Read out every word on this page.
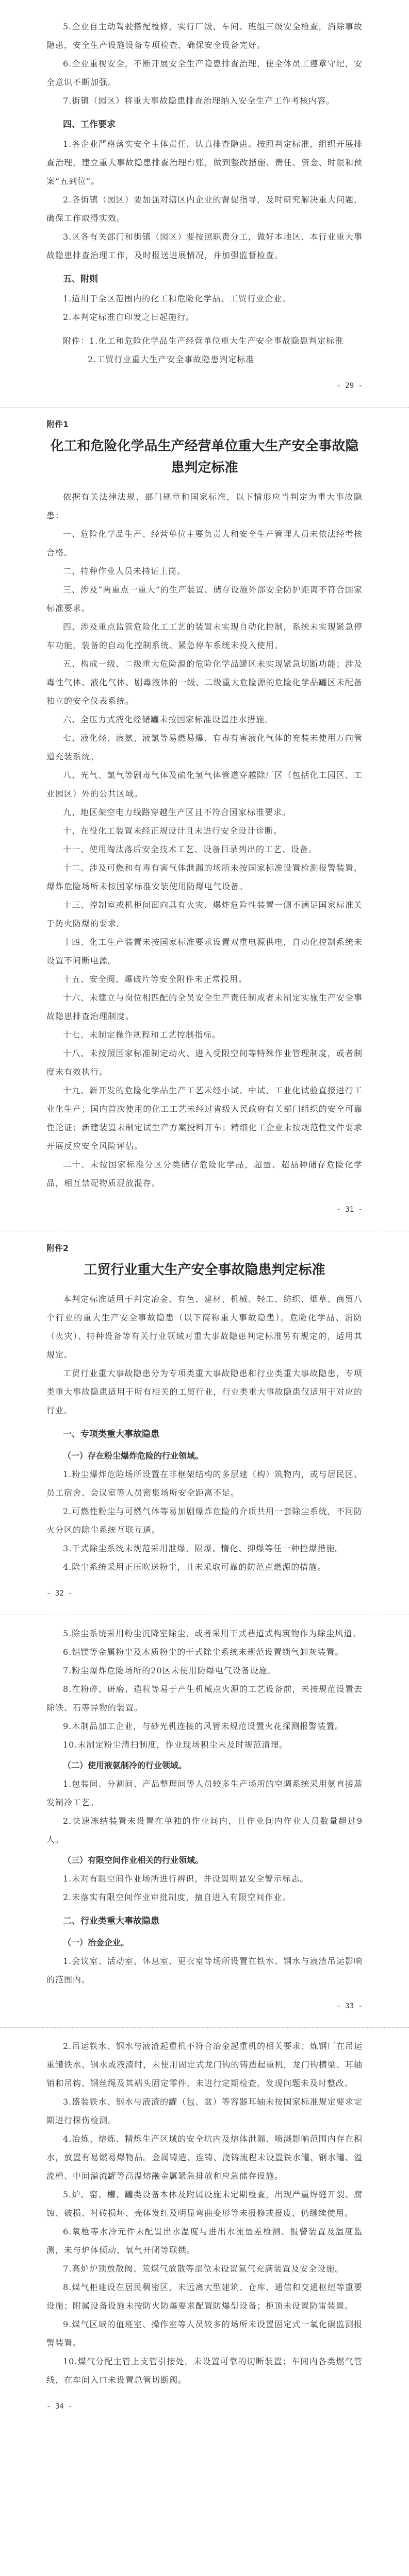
5.企业自主动驾驶搭配检修，实行厂级、车间、班组三级安全检查，消除事故隐患，安全生产设施设备专项检查，确保安全设备完好。

6.企业重视安全，不断开展安全生产隐患排查治理，使全体员工遵章守纪，安全意识不断加强。

7.街镇（园区）将重大事故隐患排查治理纳入安全生产工作考核内容。

四、工作要求

1.各企业严格落实安全主体责任，认真排查隐患。按照判定标准，组织开展排查治理，建立重大事故隐患排查治理台账，做到整改措施、责任、资金、时限和预案“五到位”。

2.各街镇（园区）要加强对辖区内企业的督促指导，及时研究解决重大问题，确保工作取得实效。

3.区各有关部门和街镇（园区）要按照职责分工，做好本地区、本行业重大事故隐患排查治理工作，及时报送进展情况，并加强监督检查。

五、附则

1.适用于全区范围内的化工和危险化学品、工贸行业企业。

2.本判定标准自印发之日起施行。

附件：1.化工和危险化学品生产经营单位重大生产安全事故隐患判定标准

2.工贸行业重大生产安全事故隐患判定标准

- 29 -
附件1
化工和危险化学品生产经营单位重大生产安全事故隐患判定标准

依据有关法律法规、部门规章和国家标准，以下情形应当判定为重大事故隐患：

一、危险化学品生产、经营单位主要负责人和安全生产管理人员未依法经考核合格。

二、特种作业人员未持证上岗。

三、涉及“两重点一重大”的生产装置、储存设施外部安全防护距离不符合国家标准要求。

四、涉及重点监管危险化工工艺的装置未实现自动化控制，系统未实现紧急停车功能，装备的自动化控制系统、紧急停车系统未投入使用。

五、构成一级、二级重大危险源的危险化学品罐区未实现紧急切断功能；涉及毒性气体、液化气体、剧毒液体的一级、二级重大危险源的危险化学品罐区未配备独立的安全仪表系统。

六、全压力式液化烃储罐未按国家标准设置注水措施。

七、液化烃、液氨、液氯等易燃易爆、有毒有害液化气体的充装未使用万向管道充装系统。

八、光气、氯气等剧毒气体及硫化氢气体管道穿越除厂区（包括化工园区、工业园区）外的公共区域。

九、地区架空电力线路穿越生产区且不符合国家标准要求。

十、在役化工装置未经正规设计且未进行安全设计诊断。

十一、使用淘汰落后安全技术工艺、设备目录列出的工艺、设备。

十二、涉及可燃和有毒有害气体泄漏的场所未按国家标准设置检测报警装置，爆炸危险场所未按国家标准安装使用防爆电气设备。

十三、控制室或机柜间面向具有火灾、爆炸危险性装置一侧不满足国家标准关于防火防爆的要求。

十四、化工生产装置未按国家标准要求设置双重电源供电，自动化控制系统未设置不间断电源。

十五、安全阀、爆破片等安全附件未正常投用。

十六、未建立与岗位相匹配的全员安全生产责任制或者未制定实施生产安全事故隐患排查治理制度。

十七、未制定操作规程和工艺控制指标。

十八、未按照国家标准制定动火、进入受限空间等特殊作业管理制度，或者制度未有效执行。

十九、新开发的危险化学品生产工艺未经小试、中试、工业化试验直接进行工业化生产；国内首次使用的化工工艺未经过省级人民政府有关部门组织的安全可靠性论证；新建装置未制定试生产方案投料开车；精细化工企业未按规范性文件要求开展反应安全风险评估。

二十、未按国家标准分区分类储存危险化学品，超量、超品种储存危险化学品，相互禁配物质混放混存。

- 31 -
附件2
工贸行业重大生产安全事故隐患判定标准

本判定标准适用于判定冶金、有色、建材、机械、轻工、纺织、烟草、商贸八个行业的重大生产安全事故隐患（以下简称重大事故隐患）。危险化学品、消防（火灾）、特种设备等有关行业领域对重大事故隐患判定标准另有规定的，适用其规定。

工贸行业重大事故隐患分为专项类重大事故隐患和行业类重大事故隐患，专项类重大事故隐患适用于所有相关的工贸行业，行业类重大事故隐患仅适用于对应的行业。

一、专项类重大事故隐患

（一）存在粉尘爆炸危险的行业领域。

1.粉尘爆炸危险场所设置在非框架结构的多层建（构）筑物内，或与居民区、员工宿舍、会议室等人员密集场所安全距离不足。

2.可燃性粉尘与可燃气体等易加剧爆炸危险的介质共用一套除尘系统，不同防火分区的除尘系统互联互通。

3.干式除尘系统未规范采用泄爆、隔爆、惰化、抑爆等任一种控爆措施。

4.除尘系统采用正压吹送粉尘，且未采取可靠的防范点燃源的措施。

- 32 -

5.除尘系统采用粉尘沉降室除尘，或者采用干式巷道式构筑物作为除尘风道。

6.铝镁等金属粉尘及木质粉尘的干式除尘系统未规范设置锁气卸灰装置。

7.粉尘爆炸危险场所的20区未使用防爆电气设备设施。

8.在粉碎、研磨、造粒等易于产生机械点火源的工艺设备前，未按规范设置去除铁、石等异物的装置。

9.木制品加工企业，与砂光机连接的风管未规范设置火花探测报警装置。

10.未制定粉尘清扫制度，作业现场积尘未及时规范清理。

（二）使用液氨制冷的行业领域。

1.包装间、分割间、产品整理间等人员较多生产场所的空调系统采用氨直接蒸发制冷工艺。

2.快速冻结装置未设置在单独的作业间内，且作业间内作业人员数量超过9人。

（三）有限空间作业相关的行业领域。

1.未对有限空间作业场所进行辨识，并设置明显安全警示标志。

2.未落实有限空间作业审批制度，擅自进入有限空间作业。

二、行业类重大事故隐患

（一）冶金企业。

1.会议室、活动室、休息室、更衣室等场所设置在铁水、钢水与液渣吊运影响的范围内。

- 33 -

2.吊运铁水、钢水与液渣起重机不符合冶金起重机的相关要求；炼钢厂在吊运重罐铁水、钢水或液渣时，未使用固定式龙门钩的铸造起重机，龙门钩横梁、耳轴销和吊钩、钢丝绳及其端头固定零件，未进行定期检查，发现问题未及时整改。

3.盛装铁水、钢水与液渣的罐（包、盆）等容器耳轴未按国家标准规定要求定期进行探伤检测。

4.冶炼、熔炼、精炼生产区域的安全坑内及熔体泄漏、喷溅影响范围内存在积水，放置有易燃易爆物品。金属铸造、连铸、浇铸流程未设置铁水罐、钢水罐、溢流槽、中间溢流罐等高温熔融金属紧急排放和应急储存设施。

5.炉、窑、槽、罐类设备本体及附属设施未定期检查，出现严重焊缝开裂、腐蚀、破损、衬砖损坏、壳体发红及明显弯曲变形等未报修或报废，仍继续使用。

6.氧枪等水冷元件未配置出水温度与进出水流量差检测、报警装置及温度监测，未与炉体倾动、氧气开闭等联锁。

7.高炉炉顶放散阀、荒煤气放散等部位未设置氮气充满装置及安全设施。

8.煤气柜建设在居民稠密区，未远离大型建筑、仓库、通信和交通枢纽等重要设施；附属设备设施未按防火防爆要求配置防爆型设备；柜顶未设置防雷装置。

9.煤气区域的值班室、操作室等人员较多的场所未设置固定式一氧化碳监测报警装置。

10.煤气分配主管上支管引接处，未设置可靠的切断装置；车间内各类燃气管线，在车间入口未设置总管切断阀。

- 34 -
